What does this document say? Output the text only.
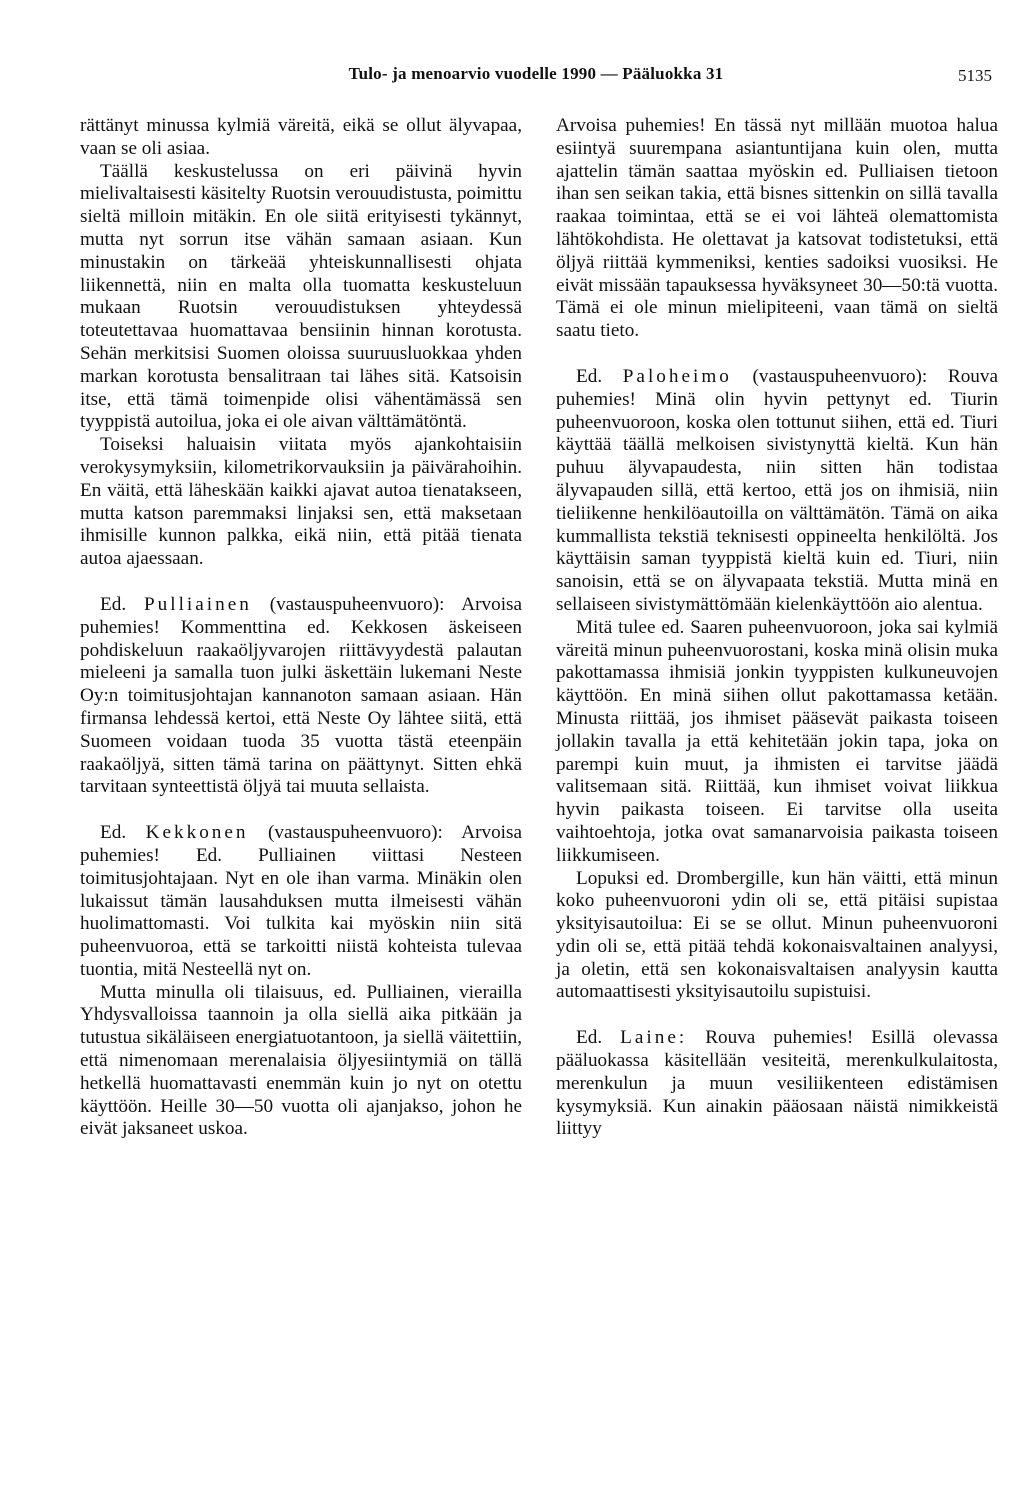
Tulo- ja menoarvio vuodelle 1990 — Pääluokka 31	5135

rättänyt minussa kylmiä väreitä, eikä se ollut älyvapaa, vaan se oli asiaa.

Täällä keskustelussa on eri päivinä hyvin mielivaltaisesti käsitelty Ruotsin verouudistusta, poimittu sieltä milloin mitäkin. En ole siitä erityisesti tykännyt, mutta nyt sorrun itse vähän samaan asiaan. Kun minustakin on tärkeää yhteiskunnallisesti ohjata liikennettä, niin en malta olla tuomatta keskusteluun mukaan Ruotsin verouudistuksen yhteydessä toteutettavaa huomattavaa bensiinin hinnan korotusta. Sehän merkitsisi Suomen oloissa suuruusluokkaa yhden markan korotusta bensalitraan tai lähes sitä. Katsoisin itse, että tämä toimenpide olisi vähentämässä sen tyyppistä autoilua, joka ei ole aivan välttämätöntä.

Toiseksi haluaisin viitata myös ajankohtaisiin verokysymyksiin, kilometrikorvauksiin ja päivärahoihin. En väitä, että läheskään kaikki ajavat autoa tienatakseen, mutta katson paremmaksi linjaksi sen, että maksetaan ihmisille kunnon palkka, eikä niin, että pitää tienata autoa ajaessaan.

Ed. Pulliainen (vastauspuheenvuoro): Arvoisa puhemies! Kommenttina ed. Kekkosen äskeiseen pohdiskeluun raakaöljyvarojen riittävyydestä palautan mieleeni ja samalla tuon julki äskettäin lukemani Neste Oy:n toimitusjohtajan kannanoton samaan asiaan. Hän firmansa lehdessä kertoi, että Neste Oy lähtee siitä, että Suomeen voidaan tuoda 35 vuotta tästä eteenpäin raakaöljyä, sitten tämä tarina on päättynyt. Sitten ehkä tarvitaan synteettistä öljyä tai muuta sellaista.

Ed. Kekkonen (vastauspuheenvuoro): Arvoisa puhemies! Ed. Pulliainen viittasi Nesteen toimitusjohtajaan. Nyt en ole ihan varma. Minäkin olen lukaissut tämän lausahduksen mutta ilmeisesti vähän huolimattomasti. Voi tulkita kai myöskin niin sitä puheenvuoroa, että se tarkoitti niistä kohteista tulevaa tuontia, mitä Nesteellä nyt on.

Mutta minulla oli tilaisuus, ed. Pulliainen, vierailla Yhdysvalloissa taannoin ja olla siellä aika pitkään ja tutustua sikäläiseen energiatuotantoon, ja siellä väitettiin, että nimenomaan merenalaisia öljyesiintymiä on tällä hetkellä huomattavasti enemmän kuin jo nyt on otettu käyttöön. Heille 30—50 vuotta oli ajanjakso, johon he eivät jaksaneet uskoa.

Arvoisa puhemies! En tässä nyt millään muotoa halua esiintyä suurempana asiantuntijana kuin olen, mutta ajattelin tämän saattaa myöskin ed. Pulliaisen tietoon ihan sen seikan takia, että bisnes sittenkin on sillä tavalla raakaa toimintaa, että se ei voi lähteä olemattomista lähtökohdista. He olettavat ja katsovat todistetuksi, että öljyä riittää kymmeniksi, kenties sadoiksi vuosiksi. He eivät missään tapauksessa hyväksyneet 30—50:tä vuotta. Tämä ei ole minun mielipiteeni, vaan tämä on sieltä saatu tieto.

Ed. Paloheimo (vastauspuheenvuoro): Rouva puhemies! Minä olin hyvin pettynyt ed. Tiurin puheenvuoroon, koska olen tottunut siihen, että ed. Tiuri käyttää täällä melkoisen sivistynyttä kieltä. Kun hän puhuu älyvapaudesta, niin sitten hän todistaa älyvapauden sillä, että kertoo, että jos on ihmisiä, niin tieliikenne henkilöautoilla on välttämätön. Tämä on aika kummallista tekstiä teknisesti oppineelta henkilöltä. Jos käyttäisin saman tyyppistä kieltä kuin ed. Tiuri, niin sanoisin, että se on älyvapaata tekstiä. Mutta minä en sellaiseen sivistymättömään kielenkäyttöön aio alentua.

Mitä tulee ed. Saaren puheenvuoroon, joka sai kylmiä väreitä minun puheenvuorostani, koska minä olisin muka pakottamassa ihmisiä jonkin tyyppisten kulkuneuvojen käyttöön. En minä siihen ollut pakottamassa ketään. Minusta riittää, jos ihmiset pääsevät paikasta toiseen jollakin tavalla ja että kehitetään jokin tapa, joka on parempi kuin muut, ja ihmisten ei tarvitse jäädä valitsemaan sitä. Riittää, kun ihmiset voivat liikkua hyvin paikasta toiseen. Ei tarvitse olla useita vaihtoehtoja, jotka ovat samanarvoisia paikasta toiseen liikkumiseen.

Lopuksi ed. Drombergille, kun hän väitti, että minun koko puheenvuoroni ydin oli se, että pitäisi supistaa yksityisautoilua: Ei se se ollut. Minun puheenvuoroni ydin oli se, että pitää tehdä kokonaisvaltainen analyysi, ja oletin, että sen kokonaisvaltaisen analyysin kautta automaattisesti yksityisautoilu supistuisi.

Ed. Laine: Rouva puhemies! Esillä olevassa pääluokassa käsitellään vesiteitä, merenkulkulaitosta, merenkulun ja muun vesiliikenteen edistämisen kysymyksiä. Kun ainakin pääosaan näistä nimikkeistä liittyy
